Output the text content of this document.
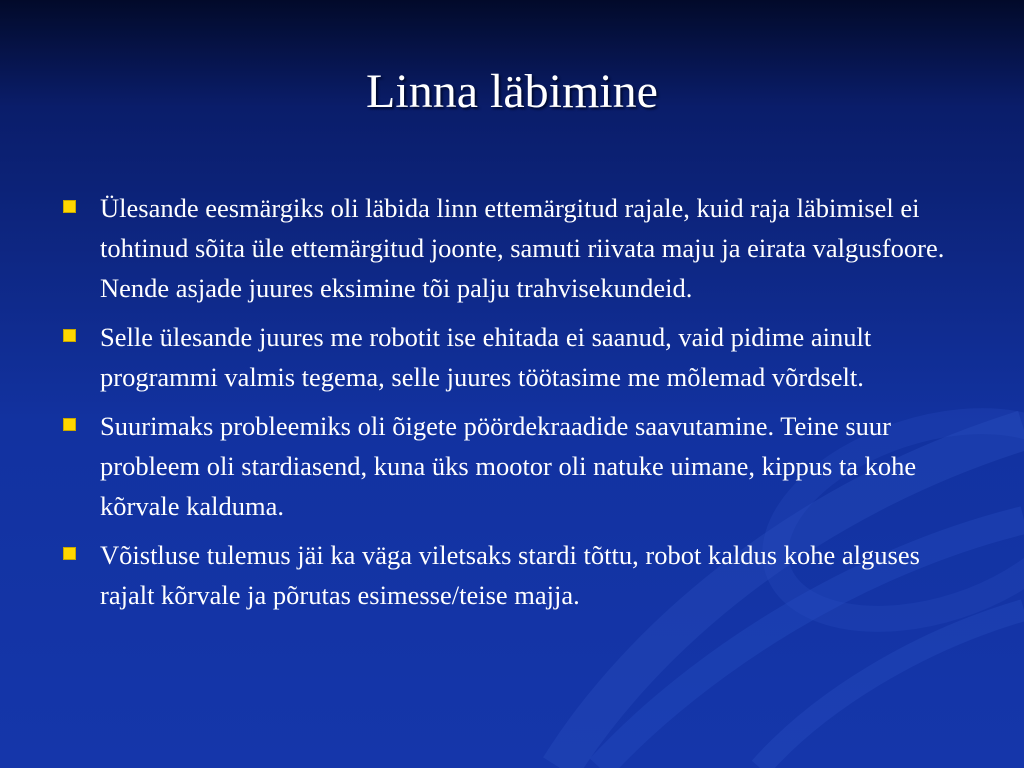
Linna läbimine
Ülesande eesmärgiks oli läbida linn ettemärgitud rajale, kuid raja läbimisel ei tohtinud sõita üle ettemärgitud joonte, samuti riivata maju ja eirata valgusfoore. Nende asjade juures eksimine tõi palju trahvisekundeid.
Selle ülesande juures me robotit ise ehitada ei saanud, vaid pidime ainult programmi valmis tegema, selle juures töötasime me mõlemad võrdselt.
Suurimaks probleemiks oli õigete pöördekraadide saavutamine. Teine suur probleem oli stardiasend, kuna üks mootor oli natuke uimane, kippus ta kohe kõrvale kalduma.
Võistluse tulemus jäi ka väga viletsaks stardi tõttu, robot kaldus kohe alguses rajalt kõrvale ja põrutas esimesse/teise majja.
